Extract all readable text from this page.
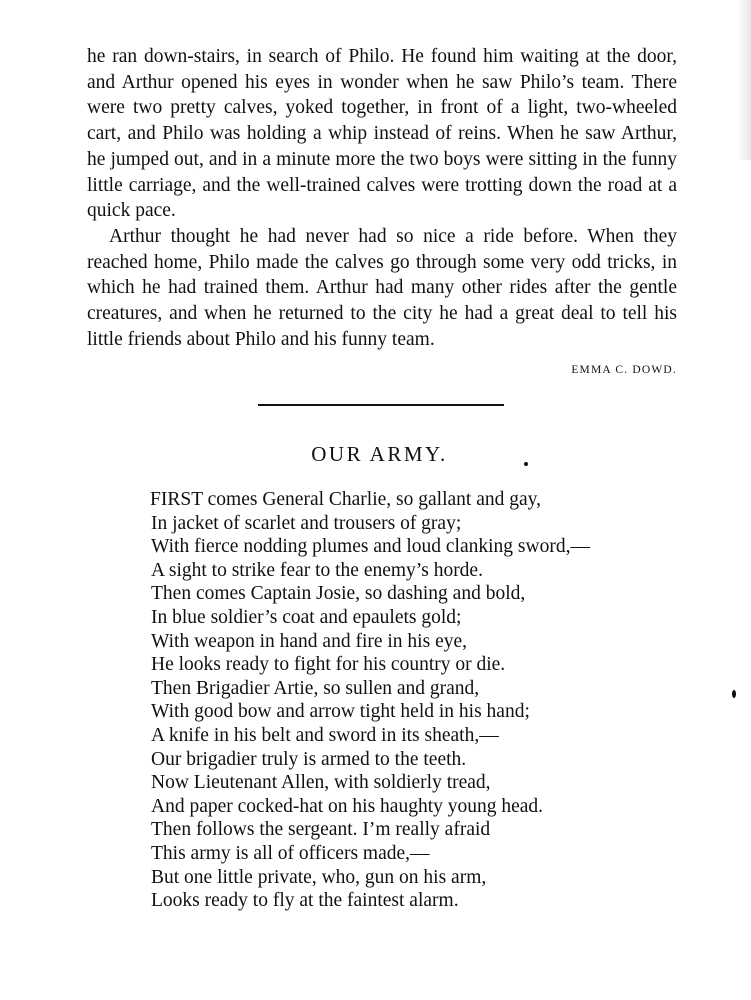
he ran down-stairs, in search of Philo. He found him waiting at the door, and Arthur opened his eyes in wonder when he saw Philo’s team. There were two pretty calves, yoked together, in front of a light, two-wheeled cart, and Philo was holding a whip instead of reins. When he saw Arthur, he jumped out, and in a minute more the two boys were sitting in the funny little carriage, and the well-trained calves were trotting down the road at a quick pace.

Arthur thought he had never had so nice a ride before. When they reached home, Philo made the calves go through some very odd tricks, in which he had trained them. Arthur had many other rides after the gentle creatures, and when he returned to the city he had a great deal to tell his little friends about Philo and his funny team.

EMMA C. DOWD.
OUR ARMY.
FIRST comes General Charlie, so gallant and gay,
In jacket of scarlet and trousers of gray;
With fierce nodding plumes and loud clanking sword,—
A sight to strike fear to the enemy’s horde.
Then comes Captain Josie, so dashing and bold,
In blue soldier’s coat and epaulets gold;
With weapon in hand and fire in his eye,
He looks ready to fight for his country or die.
Then Brigadier Artie, so sullen and grand,
With good bow and arrow tight held in his hand;
A knife in his belt and sword in its sheath,—
Our brigadier truly is armed to the teeth.
Now Lieutenant Allen, with soldierly tread,
And paper cocked-hat on his haughty young head.
Then follows the sergeant. I’m really afraid
This army is all of officers made,—
But one little private, who, gun on his arm,
Looks ready to fly at the faintest alarm.
